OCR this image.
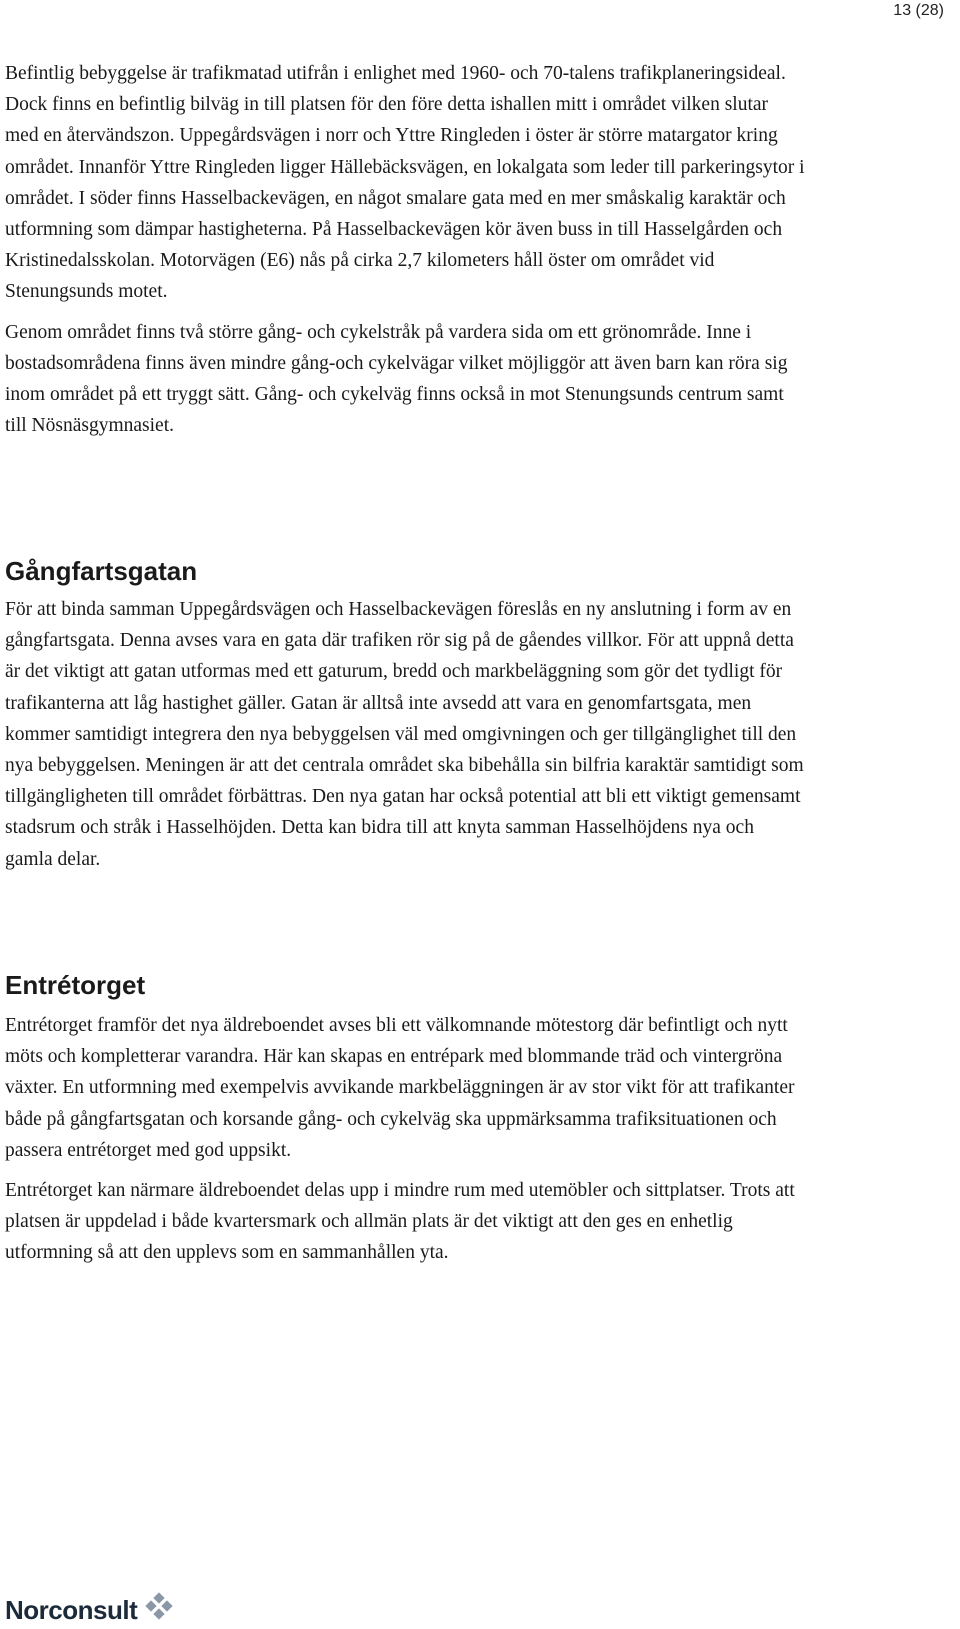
13 (28)

Befintlig bebyggelse är trafikmatad utifrån i enlighet med 1960- och 70-talens trafikplaneringsideal. Dock finns en befintlig bilväg in till platsen för den före detta ishallen mitt i området vilken slutar med en återvändszon. Uppegårdsvägen i norr och Yttre Ringleden i öster är större matargator kring området. Innanför Yttre Ringleden ligger Hällebäcksvägen, en lokalgata som leder till parkeringsytor i området. I söder finns Hasselbackevägen, en något smalare gata med en mer småskalig karaktär och utformning som dämpar hastigheterna. På Hasselbackevägen kör även buss in till Hasselgården och Kristinedalsskolan. Motorvägen (E6) nås på cirka 2,7 kilometers håll öster om området vid Stenungsunds motet.

Genom området finns två större gång- och cykelstråk på vardera sida om ett grönområde. Inne i bostadsområdena finns även mindre gång-och cykelvägar vilket möjliggör att även barn kan röra sig inom området på ett tryggt sätt. Gång- och cykelväg finns också in mot Stenungsunds centrum samt till Nösnäsgymnasiet.

Gångfartsgatan

För att binda samman Uppegårdsvägen och Hasselbackevägen föreslås en ny anslutning i form av en gångfartsgata. Denna avses vara en gata där trafiken rör sig på de gåendes villkor. För att uppnå detta är det viktigt att gatan utformas med ett gaturum, bredd och markbeläggning som gör det tydligt för trafikanterna att låg hastighet gäller. Gatan är alltså inte avsedd att vara en genomfartsgata, men kommer samtidigt integrera den nya bebyggelsen väl med omgivningen och ger tillgänglighet till den nya bebyggelsen. Meningen är att det centrala området ska bibehålla sin bilfria karaktär samtidigt som tillgängligheten till området förbättras. Den nya gatan har också potential att bli ett viktigt gemensamt stadsrum och stråk i Hasselhöjden. Detta kan bidra till att knyta samman Hasselhöjdens nya och gamla delar.

Entrétorget

Entrétorget framför det nya äldreboendet avses bli ett välkomnande mötestorg där befintligt och nytt möts och kompletterar varandra. Här kan skapas en entrépark med blommande träd och vintergröna växter. En utformning med exempelvis avvikande markbeläggningen är av stor vikt för att trafikanter både på gångfartsgatan och korsande gång- och cykelväg ska uppmärksamma trafiksituationen och passera entrétorget med god uppsikt.

Entrétorget kan närmare äldreboendet delas upp i mindre rum med utemöbler och sittplatser. Trots att platsen är uppdelad i både kvartersmark och allmän plats är det viktigt att den ges en enhetlig utformning så att den upplevs som en sammanhållen yta.

Norconsult
